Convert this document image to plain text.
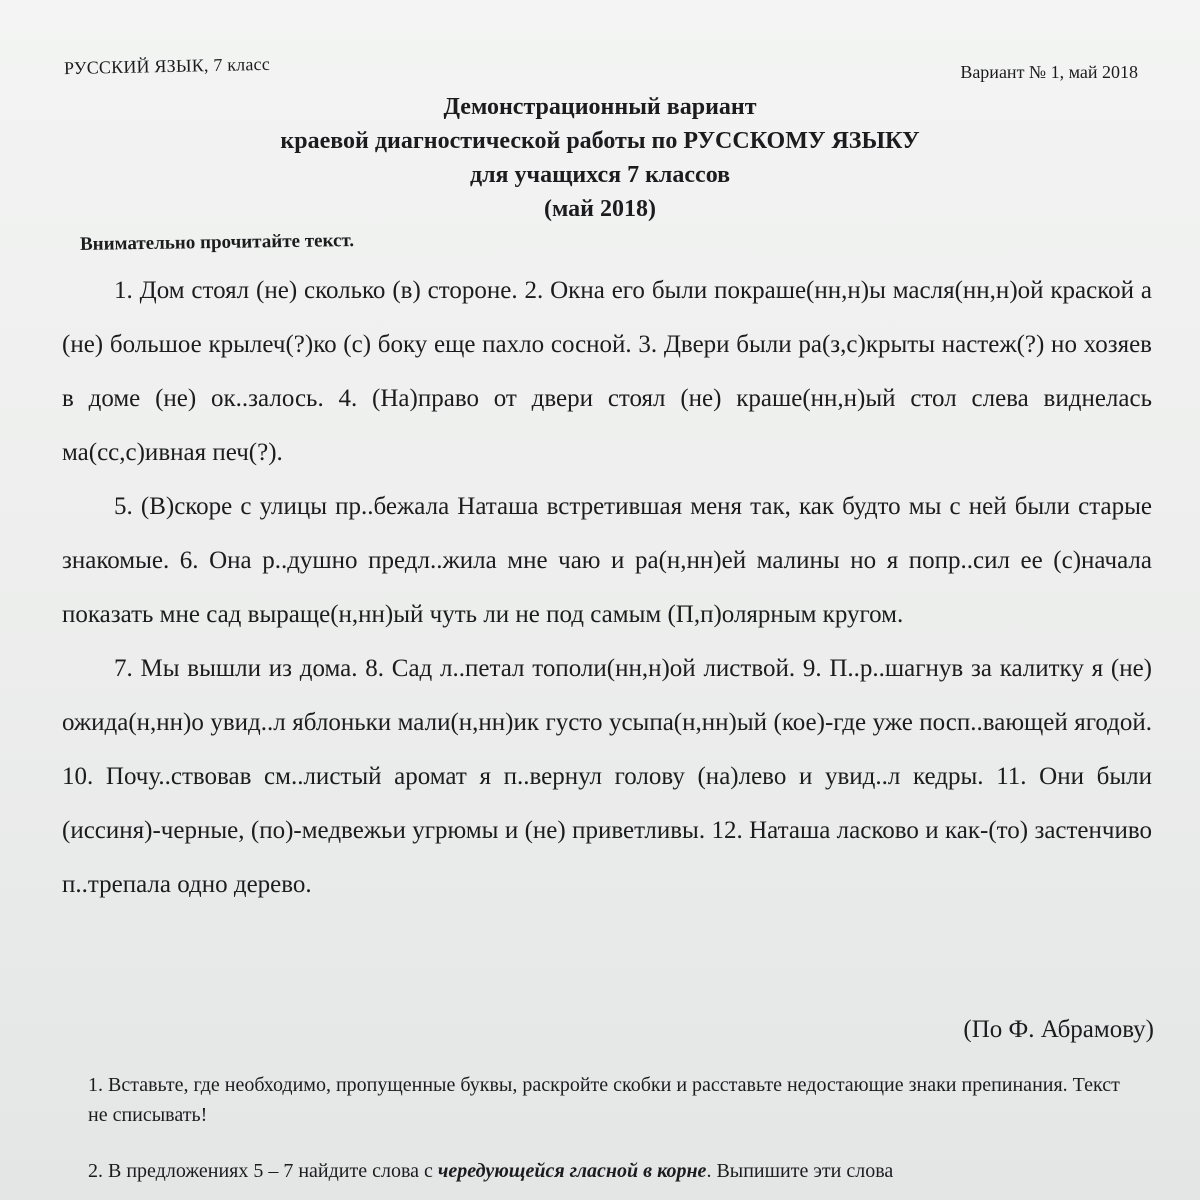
РУССКИЙ ЯЗЫК, 7 класс	Вариант № 1, май 2018
Демонстрационный вариант
краевой диагностической работы по РУССКОМУ ЯЗЫКУ
для учащихся 7 классов
(май 2018)
Внимательно прочитайте текст.

1. Дом стоял (не) сколько (в) стороне. 2. Окна его были покраше(нн,н)ы масля(нн,н)ой краской а (не) большое крылеч(?)ко (с) боку еще пахло сосной. 3. Двери были ра(з,с)крыты настеж(?) но хозяев в доме (не) ок..залось. 4. (На)право от двери стоял (не) краше(нн,н)ый стол слева виднелась ма(сс,с)ивная печ(?).

5. (В)скоре с улицы пр..бежала Наташа встретившая меня так, как будто мы с ней были старые знакомые. 6. Она р..душно предл..жила мне чаю и ра(н,нн)ей малины но я попр..сил ее (с)начала показать мне сад выраще(н,нн)ый чуть ли не под самым (П,п)олярным кругом.

7. Мы вышли из дома. 8. Сад л..петал тополи(нн,н)ой листвой. 9. П..р..шагнув за калитку я (не) ожида(н,нн)о увид..л яблоньки мали(н,нн)ик густо усыпа(н,нн)ый (кое)-где уже посп..вающей ягодой. 10. Почу..ствовав см..листый аромат я п..вернул голову (на)лево и увид..л кедры. 11. Они были (иссиня)-черные, (по)-медвежьи угрюмы и (не) приветливы. 12. Наташа ласково и как-(то) застенчиво п..трепала одно дерево.

(По Ф. Абрамову)
1. Вставьте, где необходимо, пропущенные буквы, раскройте скобки и расставьте недостающие знаки препинания. Текст не списывать!
2. В предложениях 5 – 7 найдите слова с чередующейся гласной в корне. Выпишите эти слова
